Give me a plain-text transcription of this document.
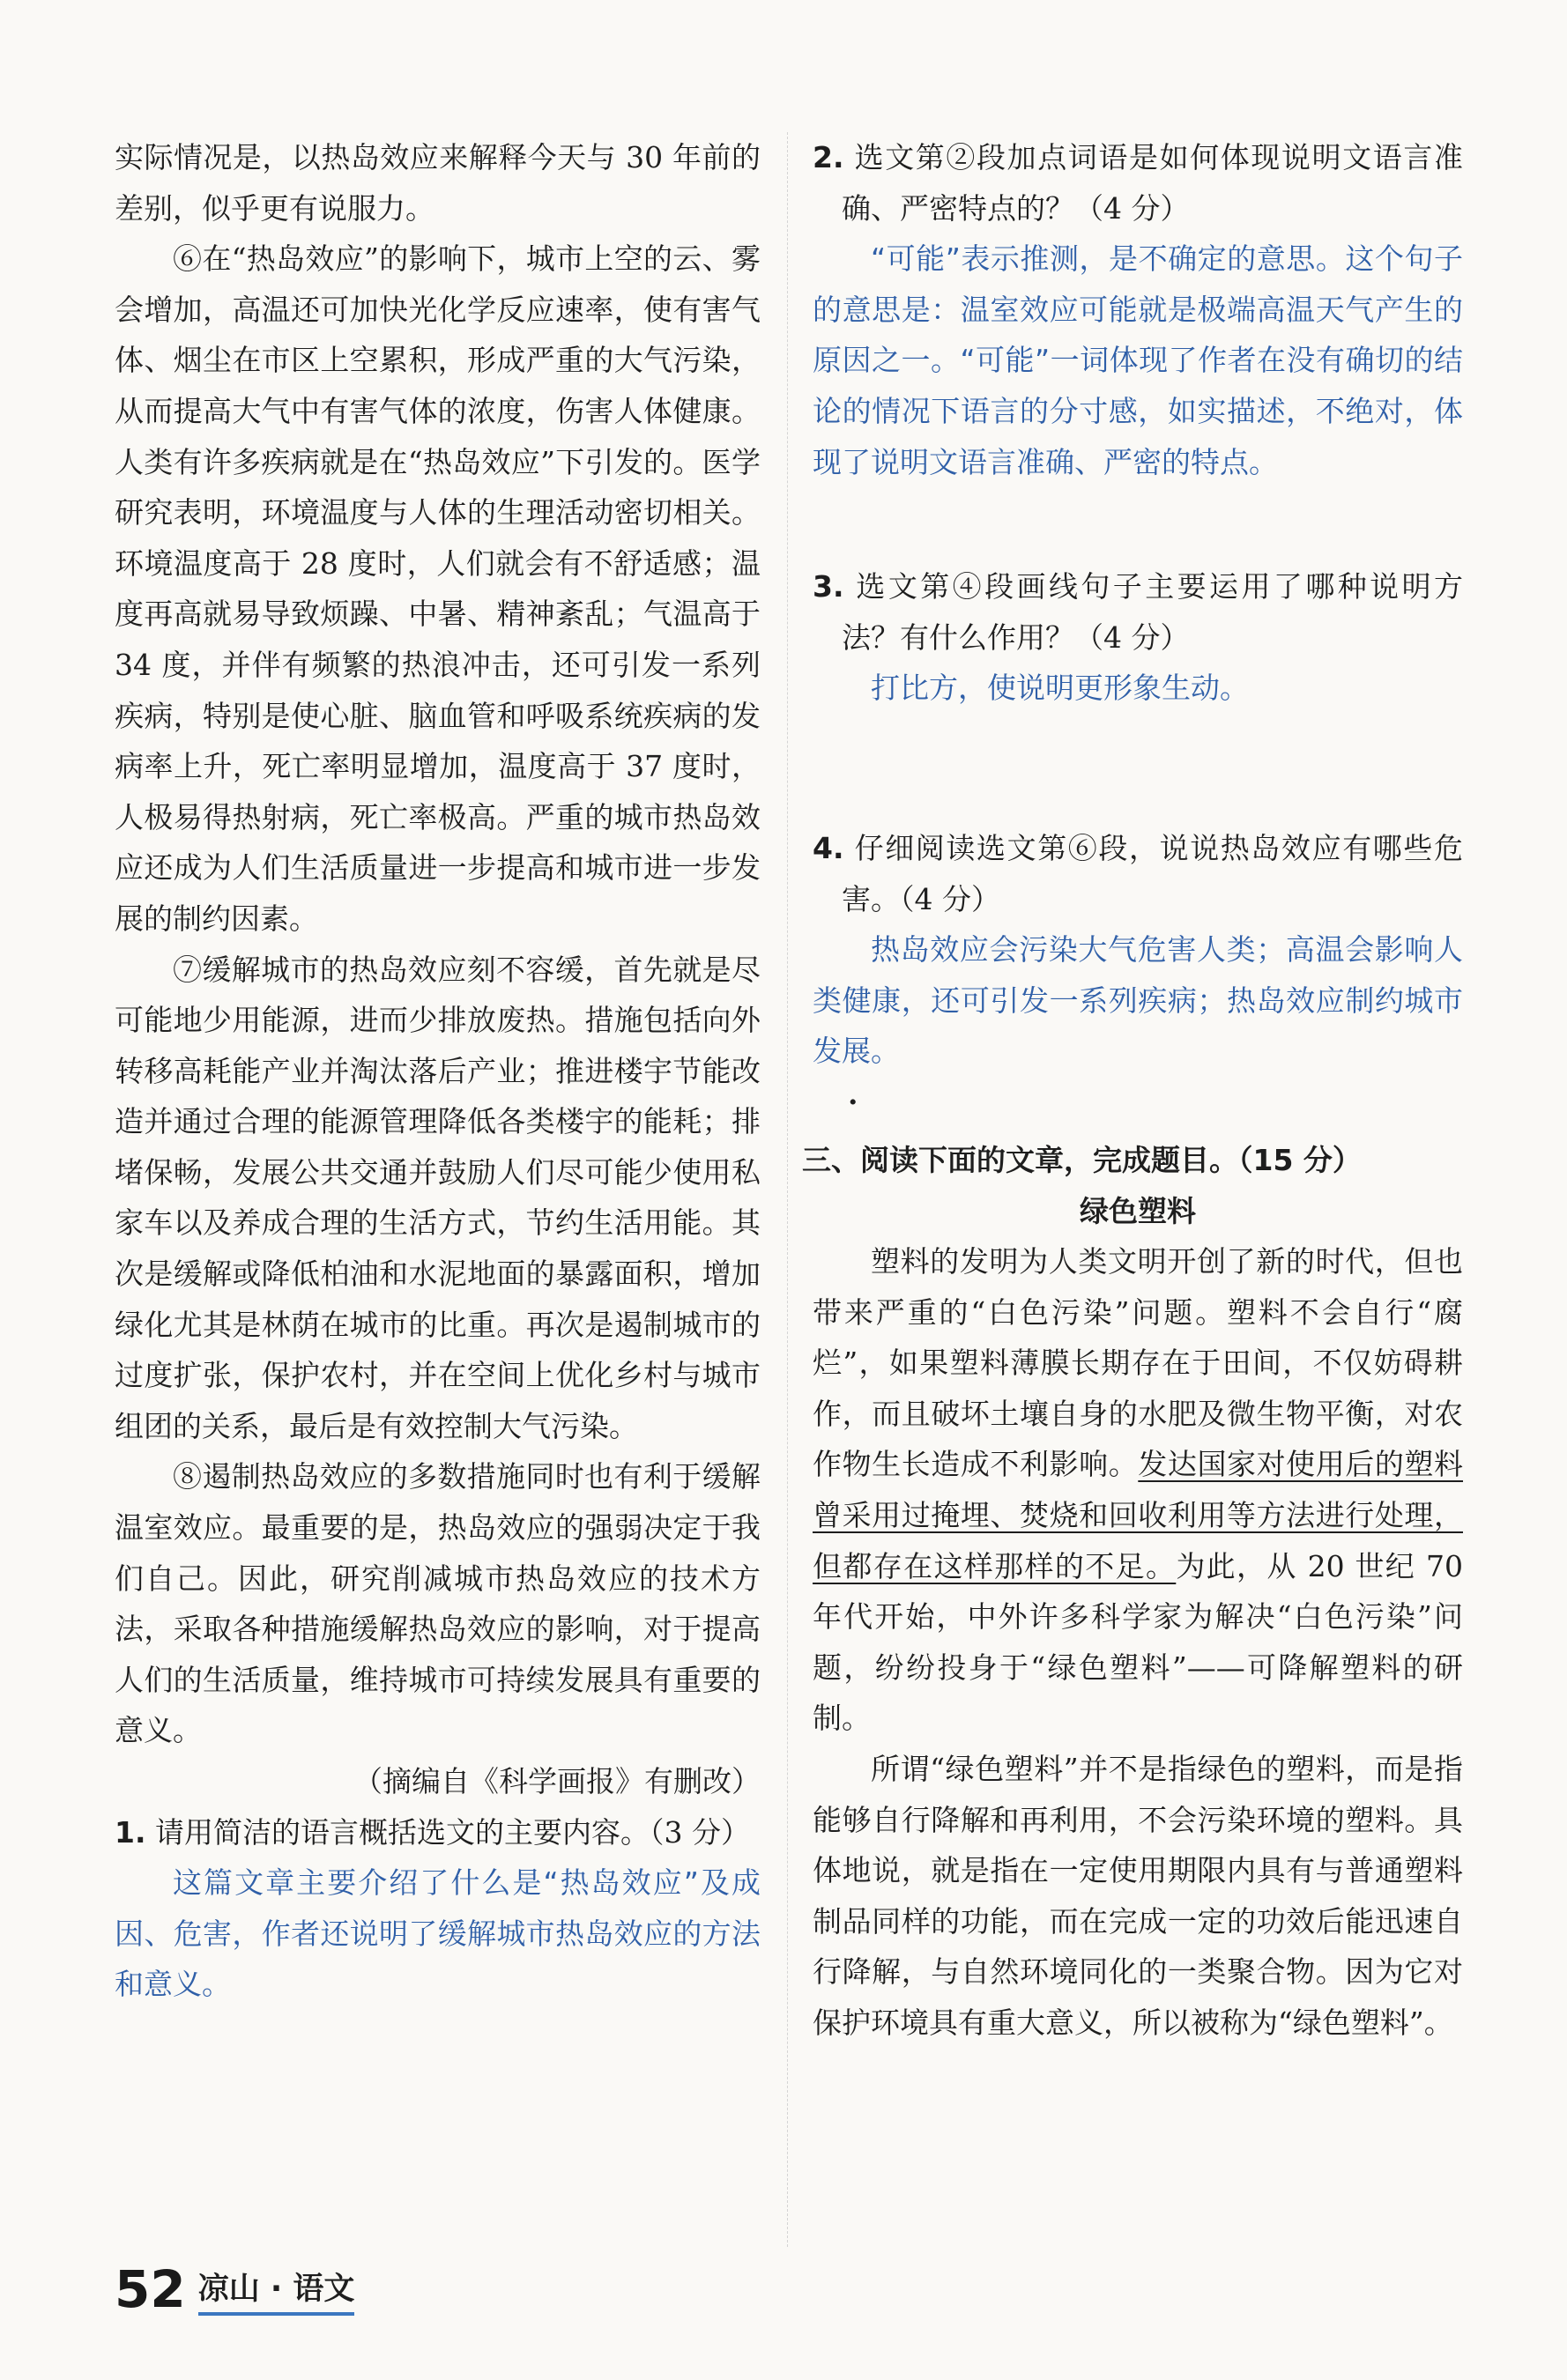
实际情况是，以热岛效应来解释今天与 30 年前的差别，似乎更有说服力。

⑥在“热岛效应”的影响下，城市上空的云、雾会增加，高温还可加快光化学反应速率，使有害气体、烟尘在市区上空累积，形成严重的大气污染，从而提高大气中有害气体的浓度，伤害人体健康。人类有许多疾病就是在“热岛效应”下引发的。医学研究表明，环境温度与人体的生理活动密切相关。环境温度高于 28 度时，人们就会有不舒适感；温度再高就易导致烦躁、中暑、精神紊乱；气温高于 34 度，并伴有频繁的热浪冲击，还可引发一系列疾病，特别是使心脏、脑血管和呼吸系统疾病的发病率上升，死亡率明显增加，温度高于 37 度时，人极易得热射病，死亡率极高。严重的城市热岛效应还成为人们生活质量进一步提高和城市进一步发展的制约因素。

⑦缓解城市的热岛效应刻不容缓，首先就是尽可能地少用能源，进而少排放废热。措施包括向外转移高耗能产业并淘汰落后产业；推进楼宇节能改造并通过合理的能源管理降低各类楼宇的能耗；排堵保畅，发展公共交通并鼓励人们尽可能少使用私家车以及养成合理的生活方式，节约生活用能。其次是缓解或降低柏油和水泥地面的暴露面积，增加绿化尤其是林荫在城市的比重。再次是遏制城市的过度扩张，保护农村，并在空间上优化乡村与城市组团的关系，最后是有效控制大气污染。

⑧遏制热岛效应的多数措施同时也有利于缓解温室效应。最重要的是，热岛效应的强弱决定于我们自己。因此，研究削减城市热岛效应的技术方法，采取各种措施缓解热岛效应的影响，对于提高人们的生活质量，维持城市可持续发展具有重要的意义。

（摘编自《科学画报》有删改）

1. 请用简洁的语言概括选文的主要内容。（3 分）

这篇文章主要介绍了什么是“热岛效应”及成因、危害，作者还说明了缓解城市热岛效应的方法和意义。

2. 选文第②段加点词语是如何体现说明文语言准确、严密特点的？（4 分）

“可能”表示推测，是不确定的意思。这个句子的意思是：温室效应可能就是极端高温天气产生的原因之一。“可能”一词体现了作者在没有确切的结论的情况下语言的分寸感，如实描述，不绝对，体现了说明文语言准确、严密的特点。

3. 选文第④段画线句子主要运用了哪种说明方法？有什么作用？（4 分）

打比方，使说明更形象生动。

4. 仔细阅读选文第⑥段，说说热岛效应有哪些危害。（4 分）

热岛效应会污染大气危害人类；高温会影响人类健康，还可引发一系列疾病；热岛效应制约城市发展。

·

三、阅读下面的文章，完成题目。（15 分）

绿色塑料

塑料的发明为人类文明开创了新的时代，但也带来严重的“白色污染”问题。塑料不会自行“腐烂”，如果塑料薄膜长期存在于田间，不仅妨碍耕作，而且破坏土壤自身的水肥及微生物平衡，对农作物生长造成不利影响。发达国家对使用后的塑料曾采用过掩埋、焚烧和回收利用等方法进行处理，但都存在这样那样的不足。为此，从 20 世纪 70 年代开始，中外许多科学家为解决“白色污染”问题，纷纷投身于“绿色塑料”——可降解塑料的研制。

所谓“绿色塑料”并不是指绿色的塑料，而是指能够自行降解和再利用，不会污染环境的塑料。具体地说，就是指在一定使用期限内具有与普通塑料制品同样的功能，而在完成一定的功效后能迅速自行降解，与自然环境同化的一类聚合物。因为它对保护环境具有重大意义，所以被称为“绿色塑料”。

52 凉山 · 语文
